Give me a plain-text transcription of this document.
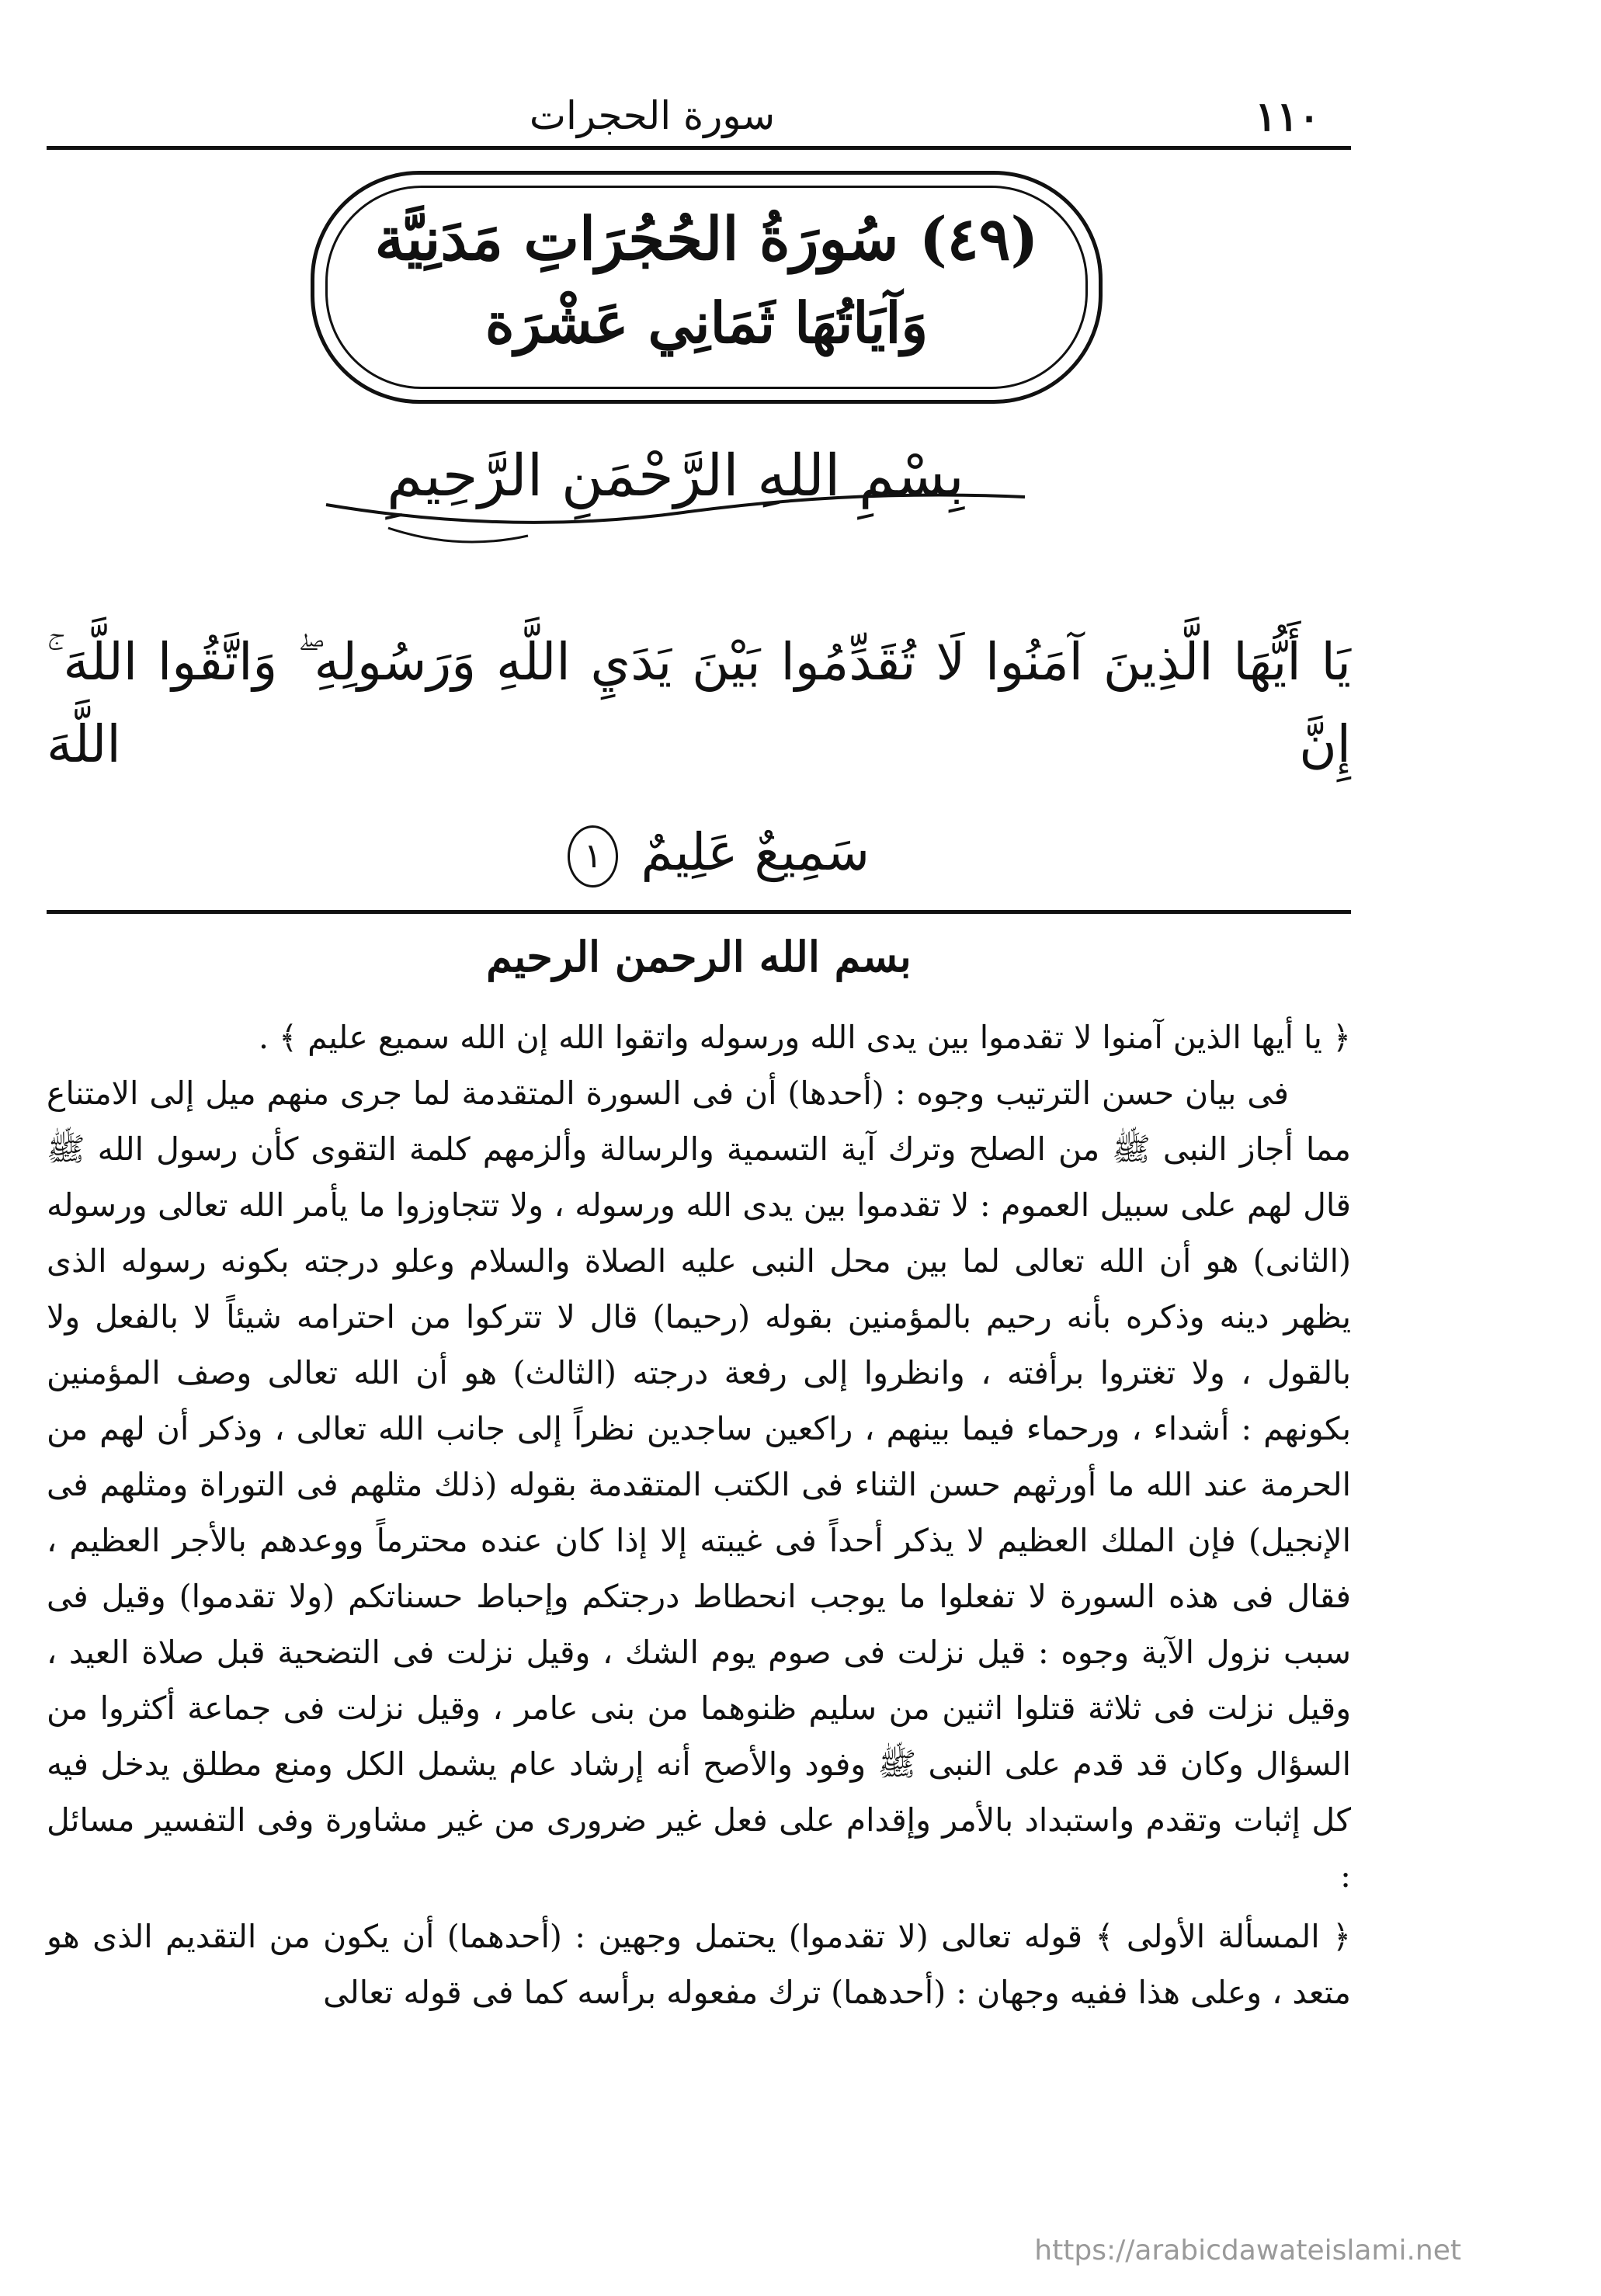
١١٠
سورة الحجرات
(٤٩) سُورَةُ الحُجُرَاتِ مَدَنِيَّة
وَآيَاتُهَا ثَمَانِي عَشْرَة
بِسْمِ اللهِ الرَّحْمَنِ الرَّحِيمِ
يَا أَيُّهَا الَّذِينَ آمَنُوا لَا تُقَدِّمُوا بَيْنَ يَدَيِ اللَّهِ وَرَسُولِهِ ۖ وَاتَّقُوا اللَّهَ ۚ إِنَّ اللَّهَ
سَمِيعٌ عَلِيمٌ ١
بسم الله الرحمن الرحيم

﴿ يا أيها الذين آمنوا لا تقدموا بين يدى الله ورسوله واتقوا الله إن الله سميع عليم ﴾ .

فى بيان حسن الترتيب وجوه : (أحدها) أن فى السورة المتقدمة لما جرى منهم ميل إلى الامتناع مما أجاز النبى ﷺ من الصلح وترك آية التسمية والرسالة وألزمهم كلمة التقوى كأن رسول الله ﷺ قال لهم على سبيل العموم : لا تقدموا بين يدى الله ورسوله ، ولا تتجاوزوا ما يأمر الله تعالى ورسوله (الثانى) هو أن الله تعالى لما بين محل النبى عليه الصلاة والسلام وعلو درجته بكونه رسوله الذى يظهر دينه وذكره بأنه رحيم بالمؤمنين بقوله (رحيما) قال لا تتركوا من احترامه شيئاً لا بالفعل ولا بالقول ، ولا تغتروا برأفته ، وانظروا إلى رفعة درجته (الثالث) هو أن الله تعالى وصف المؤمنين بكونهم : أشداء ، ورحماء فيما بينهم ، راكعين ساجدين نظراً إلى جانب الله تعالى ، وذكر أن لهم من الحرمة عند الله ما أورثهم حسن الثناء فى الكتب المتقدمة بقوله (ذلك مثلهم فى التوراة ومثلهم فى الإنجيل) فإن الملك العظيم لا يذكر أحداً فى غيبته إلا إذا كان عنده محترماً ووعدهم بالأجر العظيم ، فقال فى هذه السورة لا تفعلوا ما يوجب انحطاط درجتكم وإحباط حسناتكم (ولا تقدموا) وقيل فى سبب نزول الآية وجوه : قيل نزلت فى صوم يوم الشك ، وقيل نزلت فى التضحية قبل صلاة العيد ، وقيل نزلت فى ثلاثة قتلوا اثنين من سليم ظنوهما من بنى عامر ، وقيل نزلت فى جماعة أكثروا من السؤال وكان قد قدم على النبى ﷺ وفود والأصح أنه إرشاد عام يشمل الكل ومنع مطلق يدخل فيه كل إثبات وتقدم واستبداد بالأمر وإقدام على فعل غير ضرورى من غير مشاورة وفى التفسير مسائل :

﴿ المسألة الأولى ﴾ قوله تعالى (لا تقدموا) يحتمل وجهين : (أحدهما) أن يكون من التقديم الذى هو متعد ، وعلى هذا ففيه وجهان : (أحدهما) ترك مفعوله برأسه كما فى قوله تعالى

https://arabicdawateislami.net
